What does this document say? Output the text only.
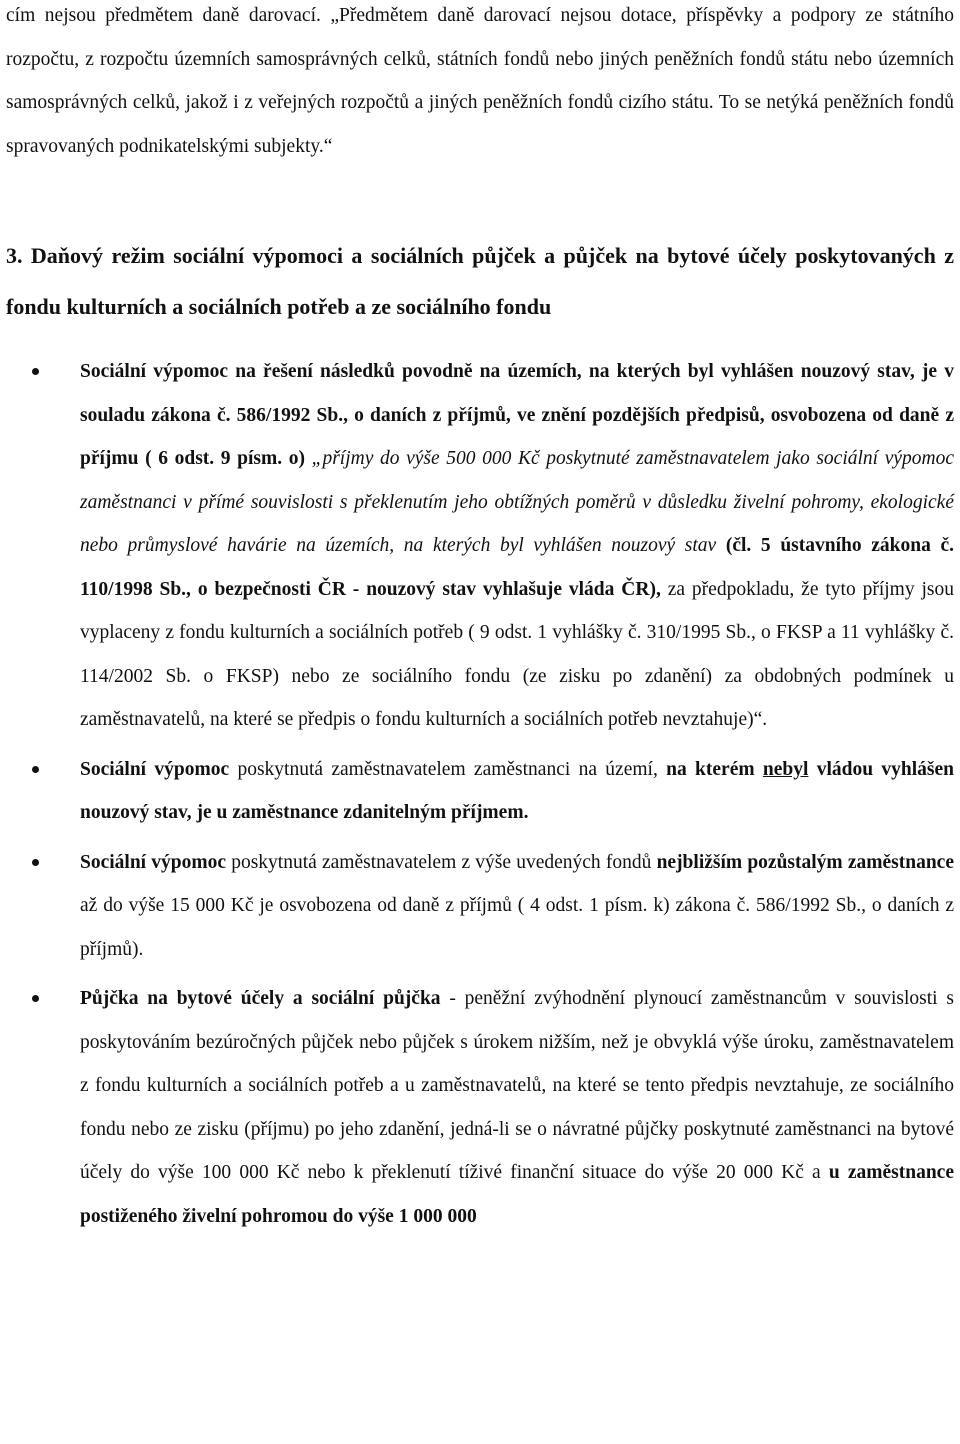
cím nejsou předmětem daně darovací. „Předmětem daně darovací nejsou dotace, příspěvky a podpory ze státního rozpočtu, z rozpočtu územních samosprávných celků, státních fondů nebo jiných peněžních fondů státu nebo územních samosprávných celků, jakož i z veřejných rozpočtů a jiných peněžních fondů cizího státu. To se netýká peněžních fondů spravovaných podnikatelskými subjekty.“

3. Daňový režim sociální výpomoci a sociálních půjček a půjček na bytové účely poskytovaných z fondu kulturních a sociálních potřeb a ze sociálního fondu
Sociální výpomoc na řešení následků povodně na územích, na kterých byl vyhlášen nouzový stav, je v souladu zákona č. 586/1992 Sb., o daních z příjmů, ve znění pozdějších předpisů, osvobozena od daně z příjmu ( 6 odst. 9 písm. o) „příjmy do výše 500 000 Kč poskytnuté zaměstnavatelem jako sociální výpomoc zaměstnanci v přímé souvislosti s překlenutím jeho obtížných poměrů v důsledku živelní pohromy, ekologické nebo průmyslové havárie na územích, na kterých byl vyhlášen nouzový stav (čl. 5 ústavního zákona č. 110/1998 Sb., o bezpečnosti ČR - nouzový stav vyhlašuje vláda ČR), za předpokladu, že tyto příjmy jsou vyplaceny z fondu kulturních a sociálních potřeb ( 9 odst. 1 vyhlášky č. 310/1995 Sb., o FKSP a 11 vyhlášky č. 114/2002 Sb. o FKSP) nebo ze sociálního fondu (ze zisku po zdanění) za obdobných podmínek u zaměstnavatelů, na které se předpis o fondu kulturních a sociálních potřeb nevztahuje)“.
Sociální výpomoc poskytnutá zaměstnavatelem zaměstnanci na území, na kterém nebyl vládou vyhlášen nouzový stav, je u zaměstnance zdanitelným příjmem.
Sociální výpomoc poskytnutá zaměstnavatelem z výše uvedených fondů nejbližším pozůstalým zaměstnance až do výše 15 000 Kč je osvobozena od daně z příjmů ( 4 odst. 1 písm. k) zákona č. 586/1992 Sb., o daních z příjmů).
Půjčka na bytové účely a sociální půjčka - peněžní zvýhodnění plynoucí zaměstnancům v souvislosti s poskytováním bezúročných půjček nebo půjček s úrokem nižším, než je obvyklá výše úroku, zaměstnavatelem z fondu kulturních a sociálních potřeb a u zaměstnavatelů, na které se tento předpis nevztahuje, ze sociálního fondu nebo ze zisku (příjmu) po jeho zdanění, jedná-li se o návratné půjčky poskytnuté zaměstnanci na bytové účely do výše 100 000 Kč nebo k překlenutí tíživé finanční situace do výše 20 000 Kč a u zaměstnance postiženého živelní pohromou do výše 1 000 000
